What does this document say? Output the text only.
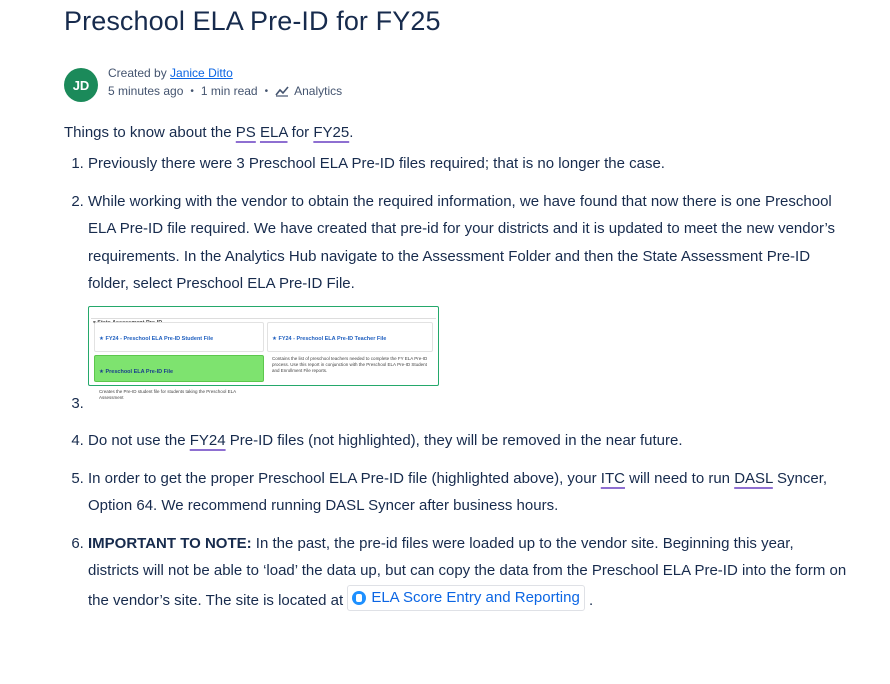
Preschool ELA Pre-ID for FY25
JD
Created by Janice Ditto
5 minutes ago • 1 min read • Analytics
Things to know about the PS ELA for FY25.
1. Previously there were 3 Preschool ELA Pre-ID files required; that is no longer the case.
2. While working with the vendor to obtain the required information, we have found that now there is one Preschool ELA Pre-ID file required. We have created that pre-id for your districts and it is updated to meet the new vendor’s requirements. In the Analytics Hub navigate to the Assessment Folder and then the State Assessment Pre-ID folder, select Preschool ELA Pre-ID File.
★ FY24 - Preschool ELA Pre-ID Student File	★ FY24 - Preschool ELA Pre-ID Teacher File
Contains the list of preschool teachers needed to complete the FY ELA Pre-ID process. Use this report in conjunction with the Preschool ELA Pre-ID Student and Enrollment File reports.
★ Preschool ELA Pre-ID File
Creates the Pre-ID student file for students taking the Preschool ELA Assessment
3.
4. Do not use the FY24 Pre-ID files (not highlighted), they will be removed in the near future.
5. In order to get the proper Preschool ELA Pre-ID file (highlighted above), your ITC will need to run DASL Syncer, Option 64. We recommend running DASL Syncer after business hours.
6. IMPORTANT TO NOTE: In the past, the pre-id files were loaded up to the vendor site. Beginning this year, districts will not be able to ‘load’ the data up, but can copy the data from the Preschool ELA Pre-ID into the form on the vendor’s site. The site is located at ELA Score Entry and Reporting .
